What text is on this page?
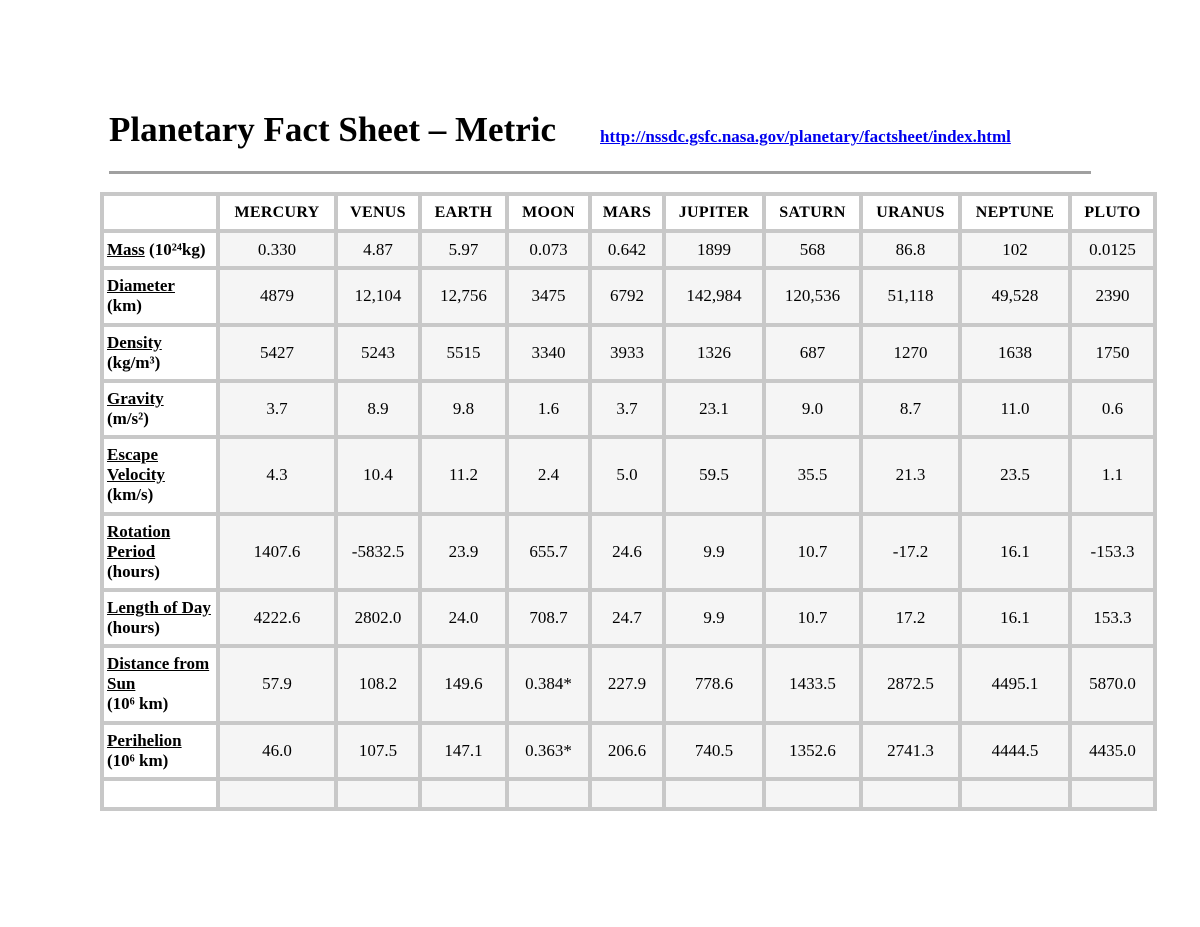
Planetary Fact Sheet – Metric	http://nssdc.gsfc.nasa.gov/planetary/factsheet/index.html
	MERCURY	VENUS	EARTH	MOON	MARS	JUPITER	SATURN	URANUS	NEPTUNE	PLUTO
Mass (10²⁴kg)	0.330	4.87	5.97	0.073	0.642	1899	568	86.8	102	0.0125
Diameter
(km)	4879	12,104	12,756	3475	6792	142,984	120,536	51,118	49,528	2390
Density
(kg/m³)	5427	5243	5515	3340	3933	1326	687	1270	1638	1750
Gravity
(m/s²)	3.7	8.9	9.8	1.6	3.7	23.1	9.0	8.7	11.0	0.6
Escape Velocity
(km/s)	4.3	10.4	11.2	2.4	5.0	59.5	35.5	21.3	23.5	1.1
Rotation Period
(hours)	1407.6	-5832.5	23.9	655.7	24.6	9.9	10.7	-17.2	16.1	-153.3
Length of Day (hours)	4222.6	2802.0	24.0	708.7	24.7	9.9	10.7	17.2	16.1	153.3
Distance from Sun
(10⁶ km)	57.9	108.2	149.6	0.384*	227.9	778.6	1433.5	2872.5	4495.1	5870.0
Perihelion
(10⁶ km)	46.0	107.5	147.1	0.363*	206.6	740.5	1352.6	2741.3	4444.5	4435.0
